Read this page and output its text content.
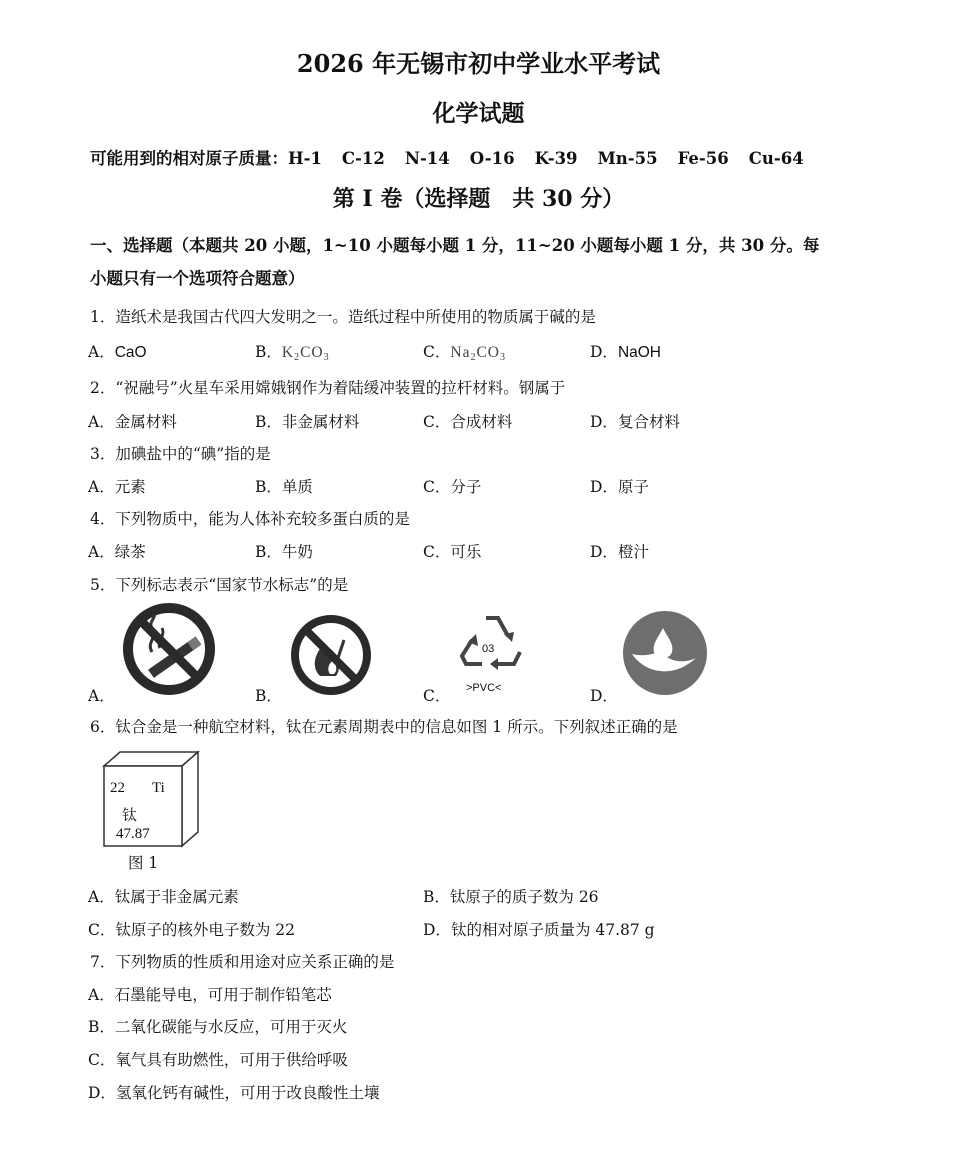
2026 年无锡市初中学业水平考试
化学试题
可能用到的相对原子质量：H-1 C-12 N-14 O-16 K-39 Mn-55 Fe-56 Cu-64
第 I 卷（选择题　共 30 分）
一、选择题（本题共 20 小题，1~10 小题每小题 1 分，11~20 小题每小题 1 分，共 30 分。每
小题只有一个选项符合题意）
1．造纸术是我国古代四大发明之一。造纸过程中所使用的物质属于碱的是
A．CaO	B．$K_2CO_3$	C．$Na_2CO_3$	D．NaOH
2．“祝融号”火星车采用嫦娥钢作为着陆缓冲装置的拉杆材料。钢属于
A．金属材料	B．非金属材料	C．合成材料	D．复合材料
3．加碘盐中的“碘”指的是
A．元素	B．单质	C．分子	D．原子
4．下列物质中，能为人体补充较多蛋白质的是
A．绿茶	B．牛奶	C．可乐	D．橙汁
5．下列标志表示“国家节水标志”的是
A．	B．	C．
03
>PVC<	D．
6．钛合金是一种航空材料，钛在元素周期表中的信息如图 1 所示。下列叙述正确的是
22 Ti
钛
47.87
图 1
A．钛属于非金属元素	B．钛原子的质子数为 26
C．钛原子的核外电子数为 22	D．钛的相对原子质量为 47.87 g
7．下列物质的性质和用途对应关系正确的是
A．石墨能导电，可用于制作铅笔芯
B．二氧化碳能与水反应，可用于灭火
C．氧气具有助燃性，可用于供给呼吸
D．氢氧化钙有碱性，可用于改良酸性土壤
